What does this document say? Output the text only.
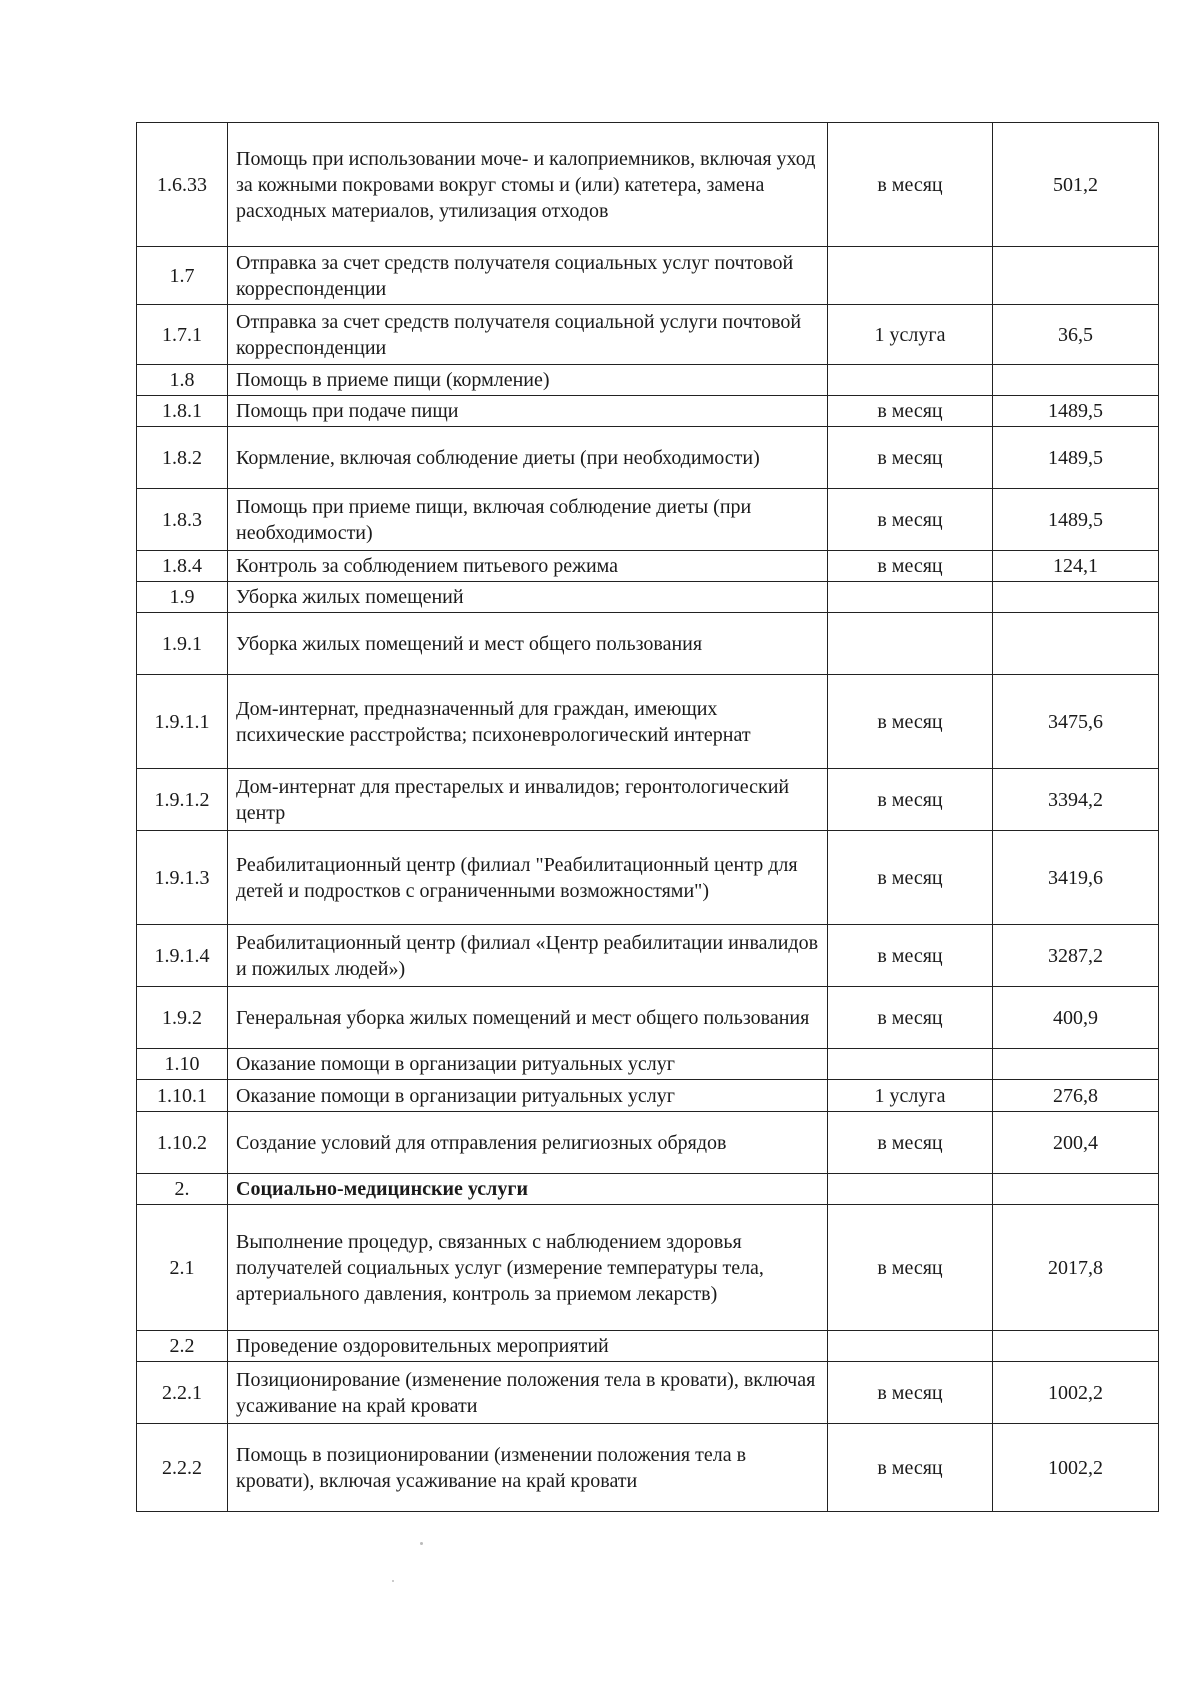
1.6.33	Помощь при использовании моче- и калоприемников, включая уход за кожными покровами вокруг стомы и (или) катетера, замена расходных материалов, утилизация отходов	в месяц	501,2
1.7	Отправка за счет средств получателя социальных услуг почтовой корреспонденции		
1.7.1	Отправка за счет средств получателя социальной услуги почтовой корреспонденции	1 услуга	36,5
1.8	Помощь в приеме пищи (кормление)		
1.8.1	Помощь при подаче пищи	в месяц	1489,5
1.8.2	Кормление, включая соблюдение диеты (при необходимости)	в месяц	1489,5
1.8.3	Помощь при приеме пищи, включая соблюдение диеты (при необходимости)	в месяц	1489,5
1.8.4	Контроль за соблюдением питьевого режима	в месяц	124,1
1.9	Уборка жилых помещений		
1.9.1	Уборка жилых помещений и мест общего пользования		
1.9.1.1	Дом-интернат, предназначенный для граждан, имеющих психические расстройства; психоневрологический интернат	в месяц	3475,6
1.9.1.2	Дом-интернат для престарелых и инвалидов; геронтологический центр	в месяц	3394,2
1.9.1.3	Реабилитационный центр (филиал "Реабилитационный центр для детей и подростков с ограниченными возможностями")	в месяц	3419,6
1.9.1.4	Реабилитационный центр (филиал «Центр реабилитации инвалидов и пожилых людей»)	в месяц	3287,2
1.9.2	Генеральная уборка жилых помещений и мест общего пользования	в месяц	400,9
1.10	Оказание помощи в организации ритуальных услуг		
1.10.1	Оказание помощи в организации ритуальных услуг	1 услуга	276,8
1.10.2	Создание условий для отправления религиозных обрядов	в месяц	200,4
2.	Социально-медицинские услуги		
2.1	Выполнение процедур, связанных с наблюдением здоровья получателей социальных услуг (измерение температуры тела, артериального давления, контроль за приемом лекарств)	в месяц	2017,8
2.2	Проведение оздоровительных мероприятий		
2.2.1	Позиционирование (изменение положения тела в кровати), включая усаживание на край кровати	в месяц	1002,2
2.2.2	Помощь в позиционировании (изменении положения тела в кровати), включая усаживание на край кровати	в месяц	1002,2
